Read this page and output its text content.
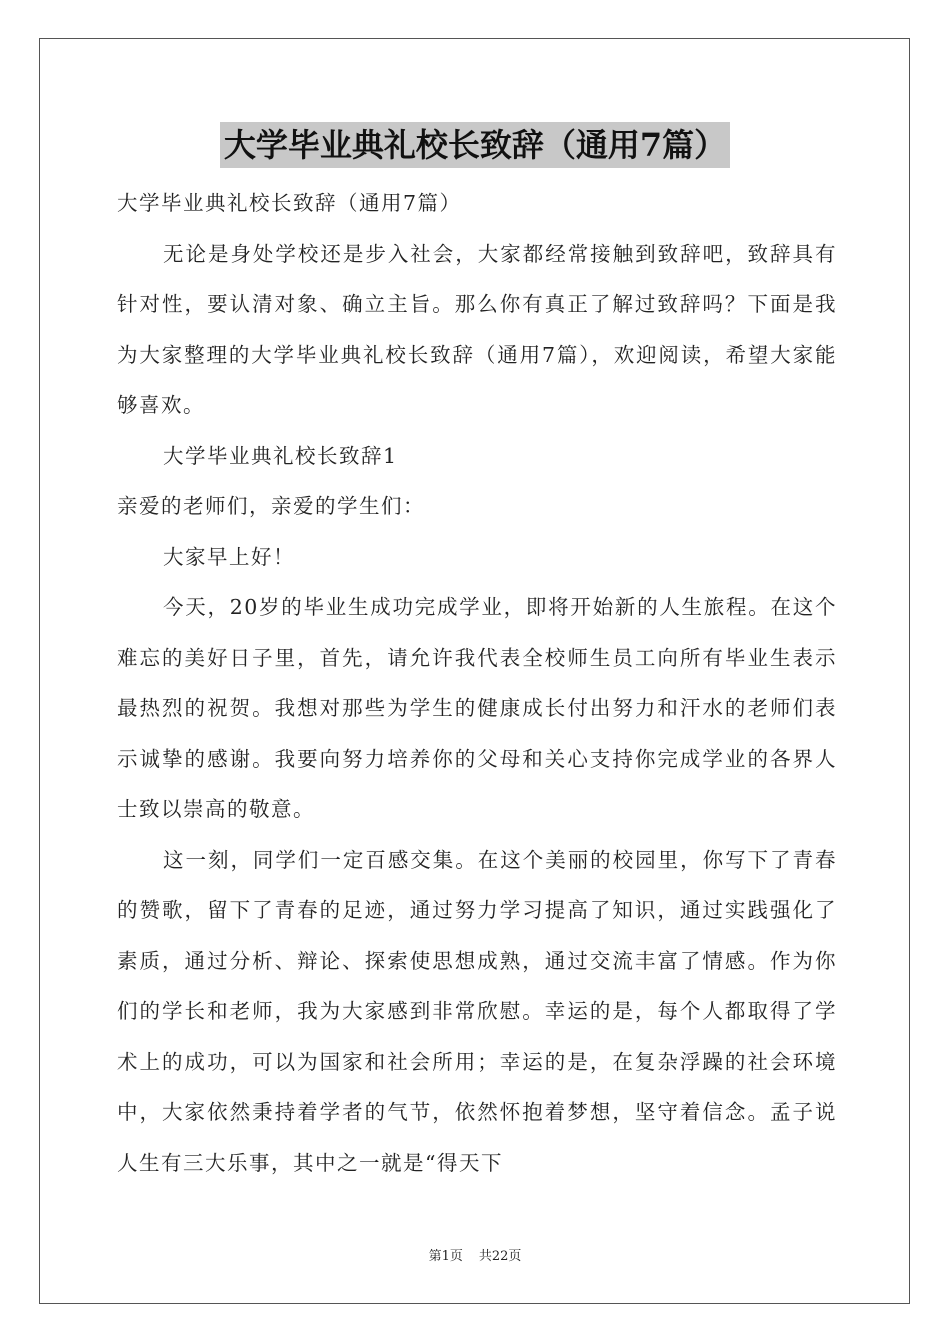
大学毕业典礼校长致辞（通用7篇）

大学毕业典礼校长致辞（通用7篇）

无论是身处学校还是步入社会，大家都经常接触到致辞吧，致辞具有针对性，要认清对象、确立主旨。那么你有真正了解过致辞吗？下面是我为大家整理的大学毕业典礼校长致辞（通用7篇），欢迎阅读，希望大家能够喜欢。

大学毕业典礼校长致辞1

亲爱的老师们，亲爱的学生们：

大家早上好！

今天，20岁的毕业生成功完成学业，即将开始新的人生旅程。在这个难忘的美好日子里，首先，请允许我代表全校师生员工向所有毕业生表示最热烈的祝贺。我想对那些为学生的健康成长付出努力和汗水的老师们表示诚挚的感谢。我要向努力培养你的父母和关心支持你完成学业的各界人士致以崇高的敬意。

这一刻，同学们一定百感交集。在这个美丽的校园里，你写下了青春的赞歌，留下了青春的足迹，通过努力学习提高了知识，通过实践强化了素质，通过分析、辩论、探索使思想成熟，通过交流丰富了情感。作为你们的学长和老师，我为大家感到非常欣慰。幸运的是，每个人都取得了学术上的成功，可以为国家和社会所用；幸运的是，在复杂浮躁的社会环境中，大家依然秉持着学者的气节，依然怀抱着梦想，坚守着信念。孟子说人生有三大乐事，其中之一就是“得天下

第1页 共22页
